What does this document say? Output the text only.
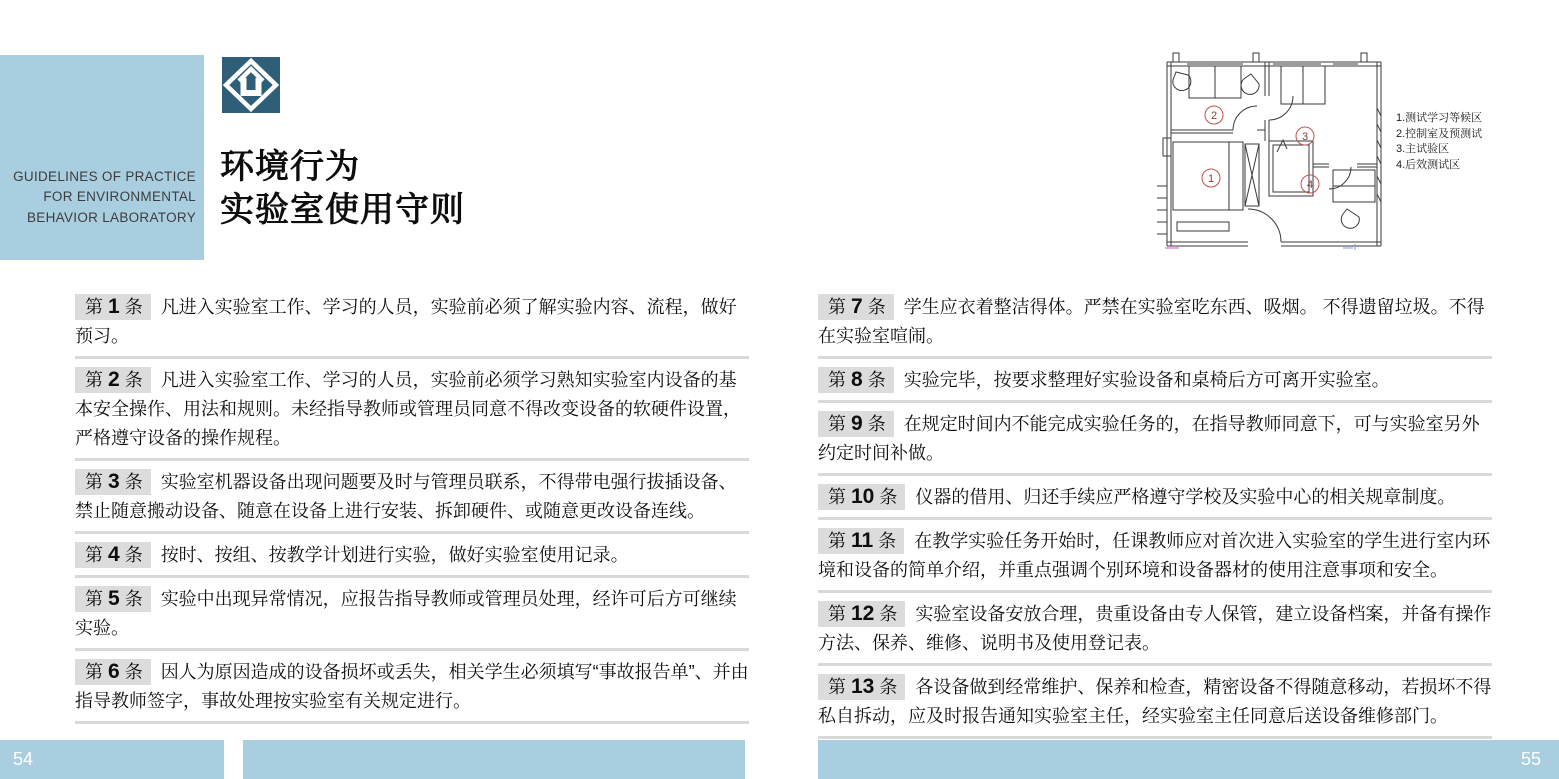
GUIDELINES OF PRACTICE
FOR ENVIRONMENTAL
BEHAVIOR LABORATORY
环境行为
实验室使用守则
1
2
3
4
1.测试学习等候区
2.控制室及预测试
3.主试验区
4.后效测试区
第 1 条 凡进入实验室工作、学习的人员，实验前必须了解实验内容、流程，做好预习。
第 2 条 凡进入实验室工作、学习的人员，实验前必须学习熟知实验室内设备的基本安全操作、用法和规则。未经指导教师或管理员同意不得改变设备的软硬件设置，严格遵守设备的操作规程。
第 3 条 实验室机器设备出现问题要及时与管理员联系，不得带电强行拔插设备、禁止随意搬动设备、随意在设备上进行安装、拆卸硬件、或随意更改设备连线。
第 4 条 按时、按组、按教学计划进行实验，做好实验室使用记录。
第 5 条 实验中出现异常情况，应报告指导教师或管理员处理，经许可后方可继续实验。
第 6 条 因人为原因造成的设备损坏或丢失，相关学生必须填写“事故报告单”、并由指导教师签字，事故处理按实验室有关规定进行。
第 7 条 学生应衣着整洁得体。严禁在实验室吃东西、吸烟。 不得遗留垃圾。不得在实验室喧闹。
第 8 条 实验完毕，按要求整理好实验设备和桌椅后方可离开实验室。
第 9 条 在规定时间内不能完成实验任务的，在指导教师同意下，可与实验室另外约定时间补做。
第 10 条 仪器的借用、归还手续应严格遵守学校及实验中心的相关规章制度。
第 11 条 在教学实验任务开始时，任课教师应对首次进入实验室的学生进行室内环境和设备的简单介绍，并重点强调个别环境和设备器材的使用注意事项和安全。
第 12 条 实验室设备安放合理，贵重设备由专人保管，建立设备档案，并备有操作方法、保养、维修、说明书及使用登记表。
第 13 条 各设备做到经常维护、保养和检查，精密设备不得随意移动，若损坏不得私自拆动，应及时报告通知实验室主任，经实验室主任同意后送设备维修部门。
54	55
